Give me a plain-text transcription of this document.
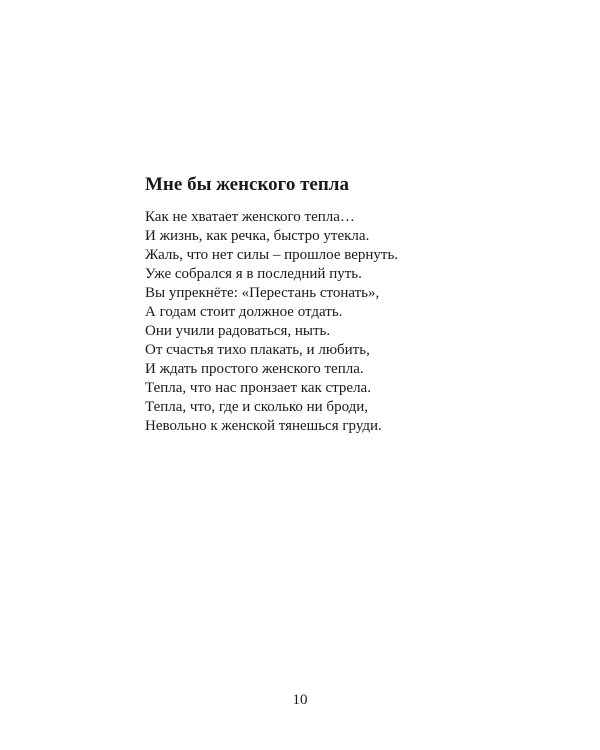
Мне бы женского тепла
Как не хватает женского тепла…
И жизнь, как речка, быстро утекла.
Жаль, что нет силы – прошлое вернуть.
Уже собрался я в последний путь.
Вы упрекнёте: «Перестань стонать»,
А годам стоит должное отдать.
Они учили радоваться, ныть.
От счастья тихо плакать, и любить,
И ждать простого женского тепла.
Тепла, что нас пронзает как стрела.
Тепла, что, где и сколько ни броди,
Невольно к женской тянешься груди.
10
